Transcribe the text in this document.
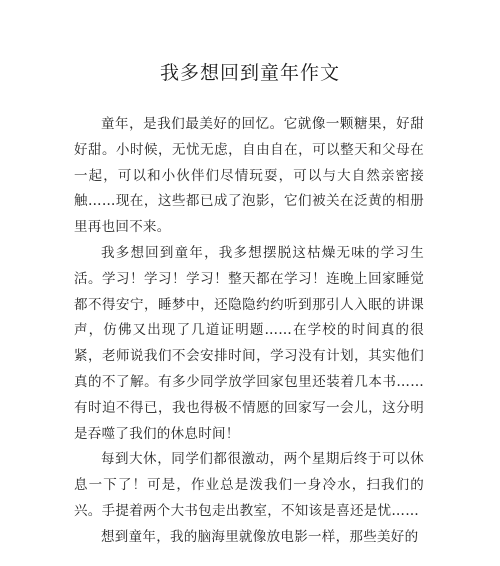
我多想回到童年作文

童年，是我们最美好的回忆。它就像一颗糖果，好甜好甜。小时候，无忧无虑，自由自在，可以整天和父母在一起，可以和小伙伴们尽情玩耍，可以与大自然亲密接触……现在，这些都已成了泡影，它们被关在泛黄的相册里再也回不来。

我多想回到童年，我多想摆脱这枯燥无味的学习生活。学习！学习！学习！整天都在学习！连晚上回家睡觉都不得安宁，睡梦中，还隐隐约约听到那引人入眠的讲课声，仿佛又出现了几道证明题……在学校的时间真的很紧，老师说我们不会安排时间，学习没有计划，其实他们真的不了解。有多少同学放学回家包里还装着几本书……有时迫不得已，我也得极不情愿的回家写一会儿，这分明是吞噬了我们的休息时间！

每到大休，同学们都很激动，两个星期后终于可以休息一下了！可是，作业总是泼我们一身冷水，扫我们的兴。手提着两个大书包走出教室，不知该是喜还是忧……

想到童年，我的脑海里就像放电影一样，那些美好的
